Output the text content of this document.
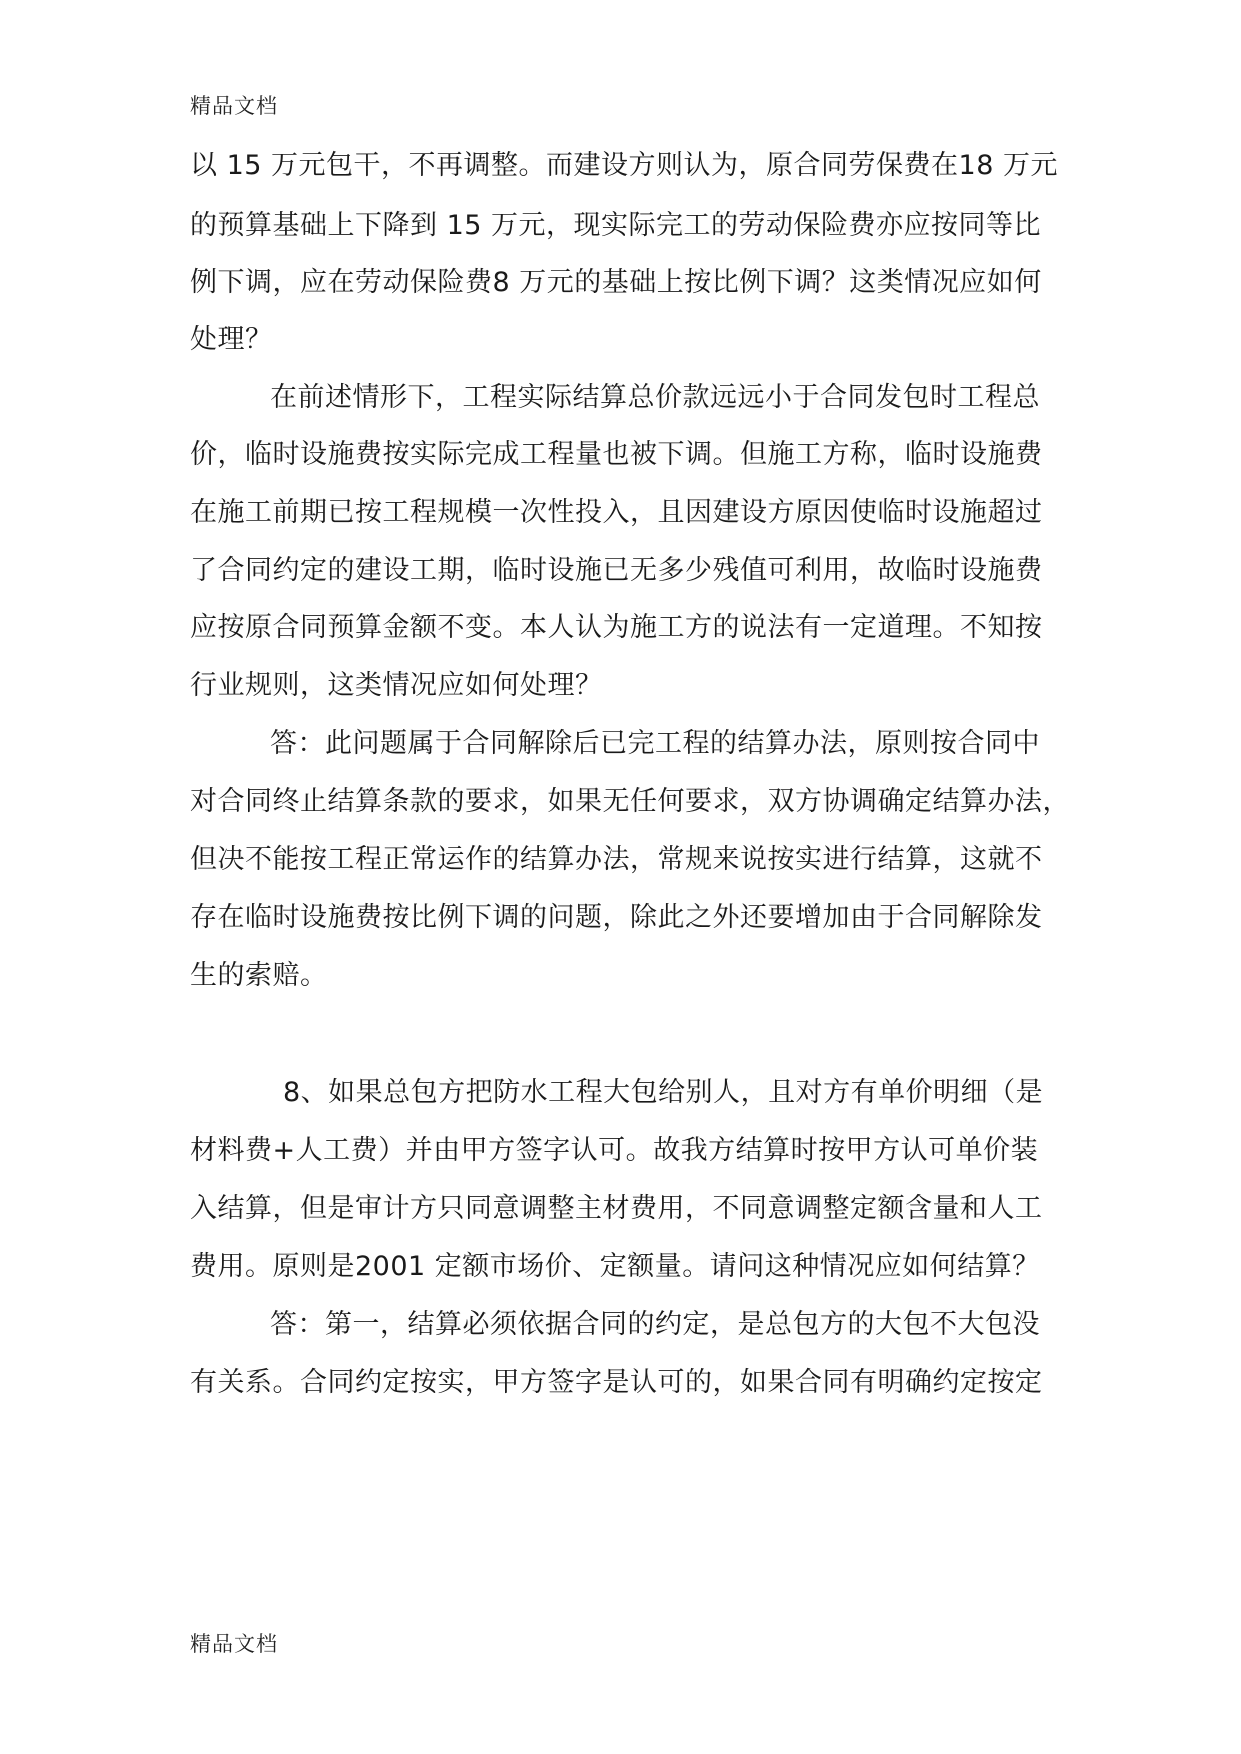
精品文档
以 15 万元包干，不再调整。而建设方则认为，原合同劳保费在18 万元
的预算基础上下降到 15 万元，现实际完工的劳动保险费亦应按同等比
例下调，应在劳动保险费8 万元的基础上按比例下调？这类情况应如何
处理？
在前述情形下，工程实际结算总价款远远小于合同发包时工程总
价，临时设施费按实际完成工程量也被下调。但施工方称，临时设施费
在施工前期已按工程规模一次性投入，且因建设方原因使临时设施超过
了合同约定的建设工期，临时设施已无多少残值可利用，故临时设施费
应按原合同预算金额不变。本人认为施工方的说法有一定道理。不知按
行业规则，这类情况应如何处理？
答：此问题属于合同解除后已完工程的结算办法，原则按合同中
对合同终止结算条款的要求，如果无任何要求，双方协调确定结算办法，
但决不能按工程正常运作的结算办法，常规来说按实进行结算，这就不
存在临时设施费按比例下调的问题，除此之外还要增加由于合同解除发
生的索赔。
8、如果总包方把防水工程大包给别人，且对方有单价明细（是
材料费+人工费）并由甲方签字认可。故我方结算时按甲方认可单价装
入结算，但是审计方只同意调整主材费用，不同意调整定额含量和人工
费用。原则是2001 定额市场价、定额量。请问这种情况应如何结算？
答：第一，结算必须依据合同的约定，是总包方的大包不大包没
有关系。合同约定按实，甲方签字是认可的，如果合同有明确约定按定
精品文档
